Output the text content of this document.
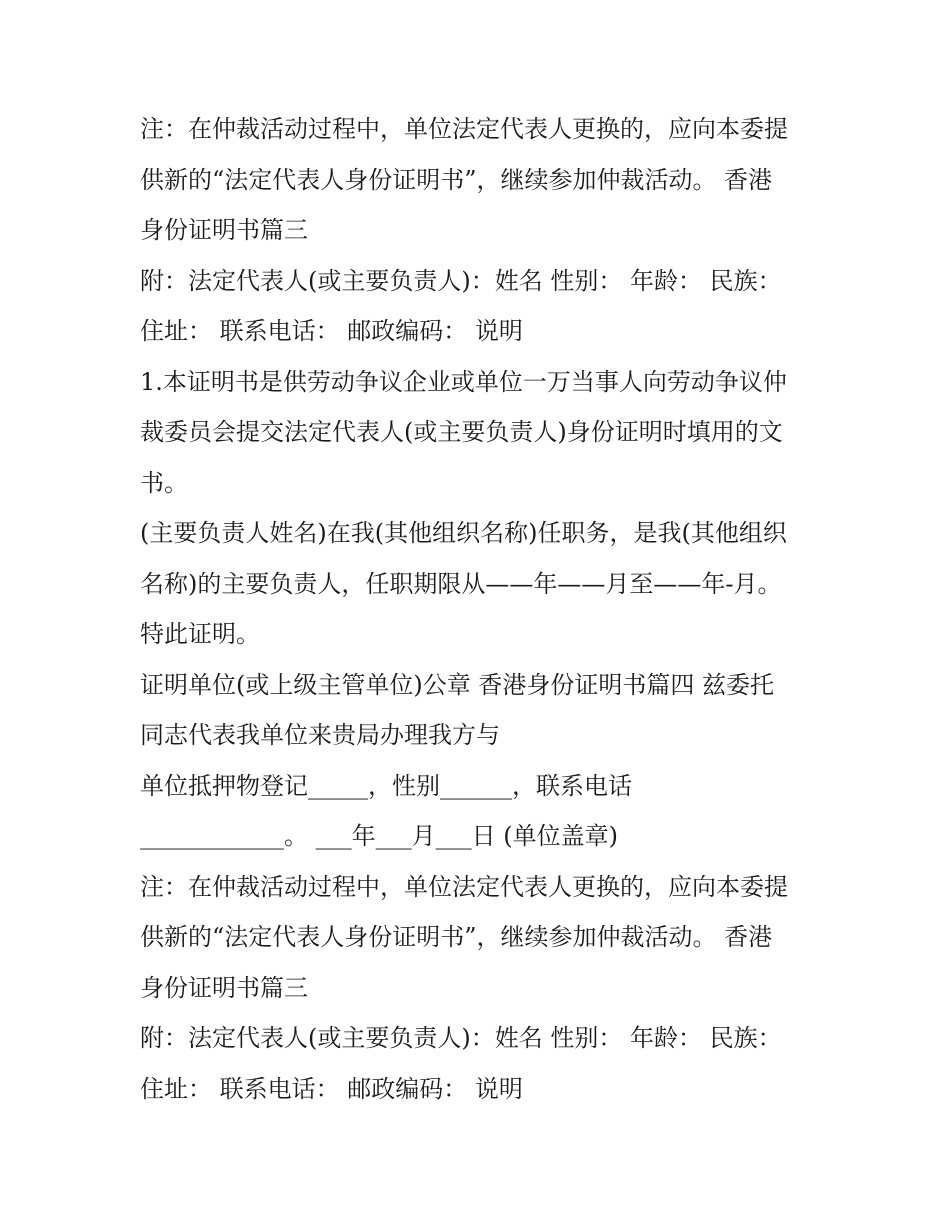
注：在仲裁活动过程中，单位法定代表人更换的，应向本委提
供新的“法定代表人身份证明书”，继续参加仲裁活动。 香港
身份证明书篇三
附：法定代表人(或主要负责人)：姓名 性别： 年龄： 民族：
住址： 联系电话： 邮政编码： 说明
1.本证明书是供劳动争议企业或单位一万当事人向劳动争议仲
裁委员会提交法定代表人(或主要负责人)身份证明时填用的文
书。
(主要负责人姓名)在我(其他组织名称)任职务，是我(其他组织
名称)的主要负责人，任职期限从——年——月至——年-月。
特此证明。
证明单位(或上级主管单位)公章 香港身份证明书篇四 兹委托
同志代表我单位来贵局办理我方与
单位抵押物登记_____，性别______，联系电话
____________。 ___年___月___日 (单位盖章)
注：在仲裁活动过程中，单位法定代表人更换的，应向本委提
供新的“法定代表人身份证明书”，继续参加仲裁活动。 香港
身份证明书篇三
附：法定代表人(或主要负责人)：姓名 性别： 年龄： 民族：
住址： 联系电话： 邮政编码： 说明
